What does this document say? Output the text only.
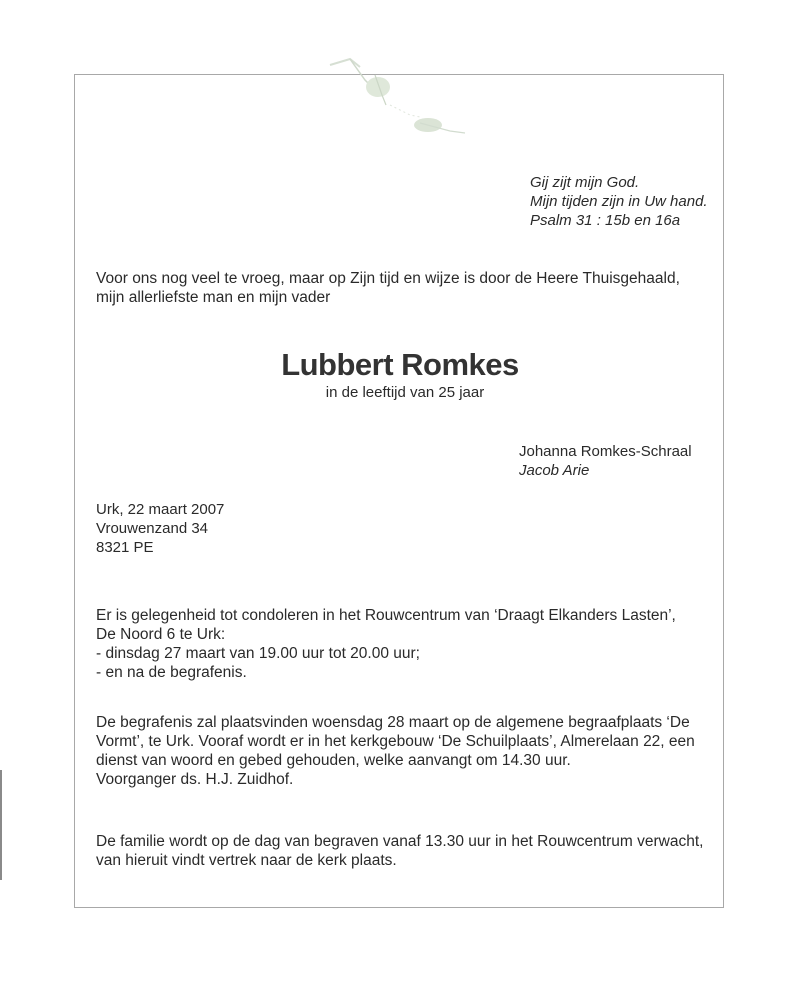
Gij zijt mijn God.
Mijn tijden zijn in Uw hand.
Psalm 31 : 15b en 16a
Voor ons nog veel te vroeg, maar op Zijn tijd en wijze is door de Heere Thuisgehaald,
mijn allerliefste man en mijn vader
Lubbert Romkes
in de leeftijd van 25 jaar
Johanna Romkes-Schraal
Jacob Arie
Urk, 22 maart 2007
Vrouwenzand 34
8321 PE
Er is gelegenheid tot condoleren in het Rouwcentrum van ‘Draagt Elkanders Lasten’,
De Noord 6 te Urk:
- dinsdag 27 maart van 19.00 uur tot 20.00 uur;
- en na de begrafenis.
De begrafenis zal plaatsvinden woensdag 28 maart op de algemene begraafplaats ‘De
Vormt’, te Urk. Vooraf wordt er in het kerkgebouw ‘De Schuilplaats’, Almerelaan 22, een
dienst van woord en gebed gehouden, welke aanvangt om 14.30 uur.
Voorganger ds. H.J. Zuidhof.
De familie wordt op de dag van begraven vanaf 13.30 uur in het Rouwcentrum verwacht,
van hieruit vindt vertrek naar de kerk plaats.
